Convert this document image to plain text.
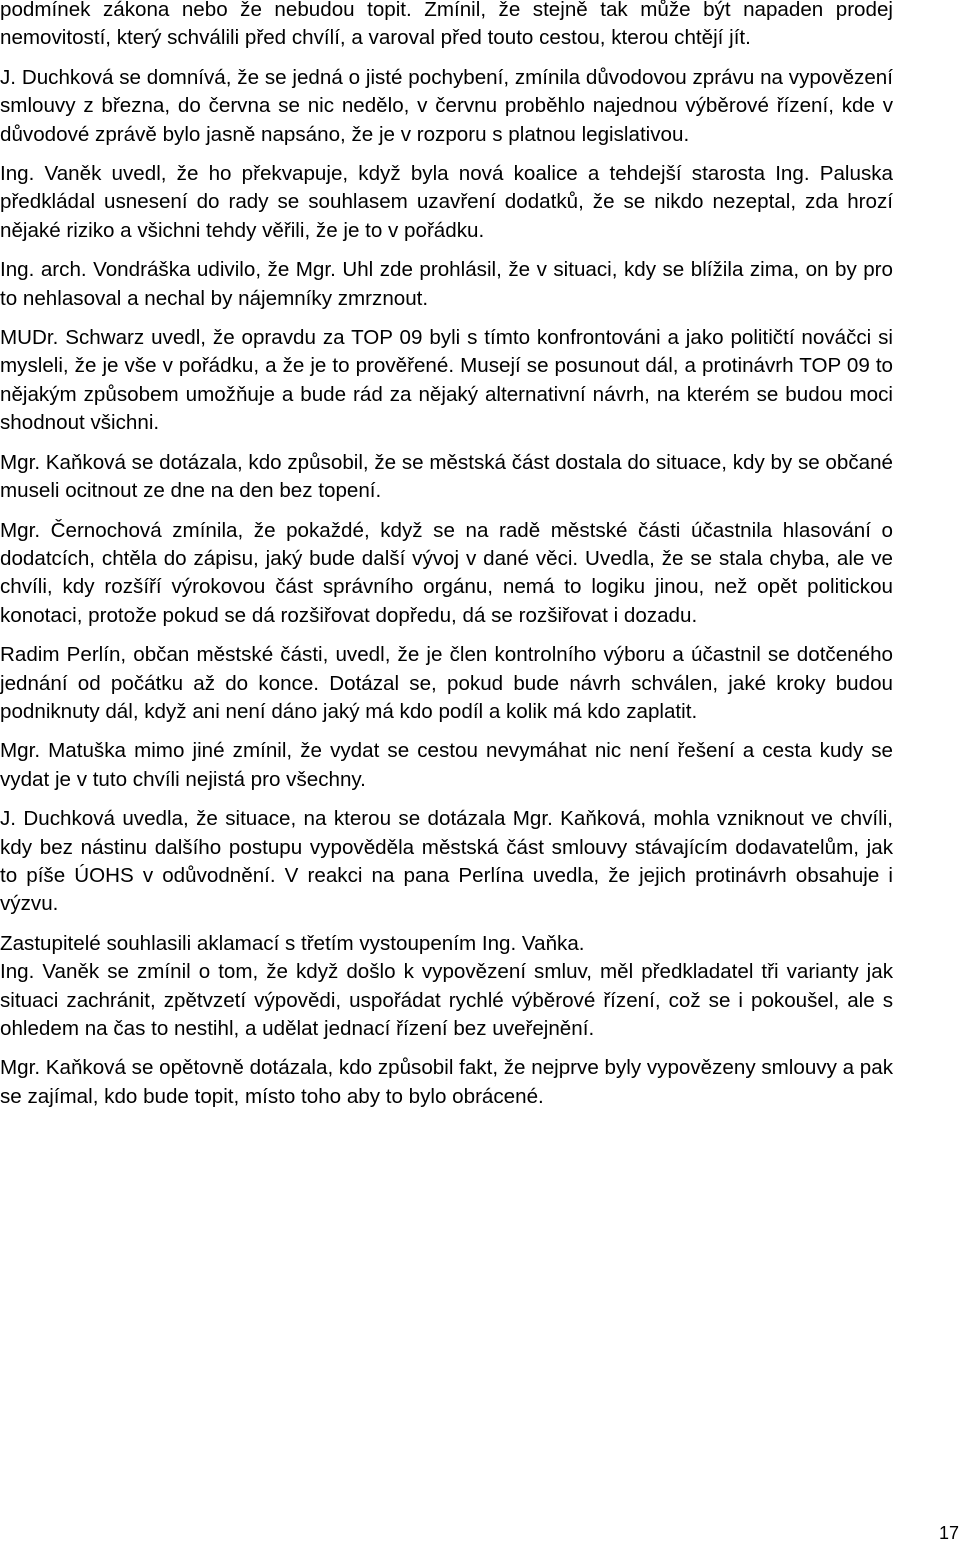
podmínek zákona nebo že nebudou topit. Zmínil, že stejně tak může být napaden prodej nemovitostí, který schválili před chvílí, a varoval před touto cestou, kterou chtějí jít.

J. Duchková se domnívá, že se jedná o jisté pochybení, zmínila důvodovou zprávu na vypovězení smlouvy z března, do června se nic nedělo, v červnu proběhlo najednou výběrové řízení, kde v důvodové zprávě bylo jasně napsáno, že je v rozporu s platnou legislativou.

Ing. Vaněk uvedl, že ho překvapuje, když byla nová koalice a tehdejší starosta Ing. Paluska předkládal usnesení do rady se souhlasem uzavření dodatků, že se nikdo nezeptal, zda hrozí nějaké riziko a všichni tehdy věřili, že je to v pořádku.

Ing. arch. Vondráška udivilo, že Mgr. Uhl zde prohlásil, že v situaci, kdy se blížila zima, on by pro to nehlasoval a nechal by nájemníky zmrznout.

MUDr. Schwarz uvedl, že opravdu za TOP 09 byli s tímto konfrontováni a jako političtí nováčci si mysleli, že je vše v pořádku, a že je to prověřené. Musejí se posunout dál, a protinávrh TOP 09 to nějakým způsobem umožňuje a bude rád za nějaký alternativní návrh, na kterém se budou moci shodnout všichni.

Mgr. Kaňková se dotázala, kdo způsobil, že se městská část dostala do situace, kdy by se občané museli ocitnout ze dne na den bez topení.

Mgr. Černochová zmínila, že pokaždé, když se na radě městské části účastnila hlasování o dodatcích, chtěla do zápisu, jaký bude další vývoj v dané věci. Uvedla, že se stala chyba, ale ve chvíli, kdy rozšíří výrokovou část správního orgánu, nemá to logiku jinou, než opět politickou konotaci, protože pokud se dá rozšiřovat dopředu, dá se rozšiřovat i dozadu.

Radim Perlín, občan městské části, uvedl, že je člen kontrolního výboru a účastnil se dotčeného jednání od počátku až do konce. Dotázal se, pokud bude návrh schválen, jaké kroky budou podniknuty dál, když ani není dáno jaký má kdo podíl a kolik má kdo zaplatit.

Mgr. Matuška mimo jiné zmínil, že vydat se cestou nevymáhat nic není řešení a cesta kudy se vydat je v tuto chvíli nejistá pro všechny.

J. Duchková uvedla, že situace, na kterou se dotázala Mgr. Kaňková, mohla vzniknout ve chvíli, kdy bez nástinu dalšího postupu vypověděla městská část smlouvy stávajícím dodavatelům, jak to píše ÚOHS v odůvodnění. V reakci na pana Perlína uvedla, že jejich protinávrh obsahuje i výzvu.

Zastupitelé souhlasili aklamací s třetím vystoupením Ing. Vaňka.

Ing. Vaněk se zmínil o tom, že když došlo k vypovězení smluv, měl předkladatel tři varianty jak situaci zachránit, zpětvzetí výpovědi, uspořádat rychlé výběrové řízení, což se i pokoušel, ale s ohledem na čas to nestihl, a udělat jednací řízení bez uveřejnění.

Mgr. Kaňková se opětovně dotázala, kdo způsobil fakt, že nejprve byly vypovězeny smlouvy a pak se zajímal, kdo bude topit, místo toho aby to bylo obrácené.

17
